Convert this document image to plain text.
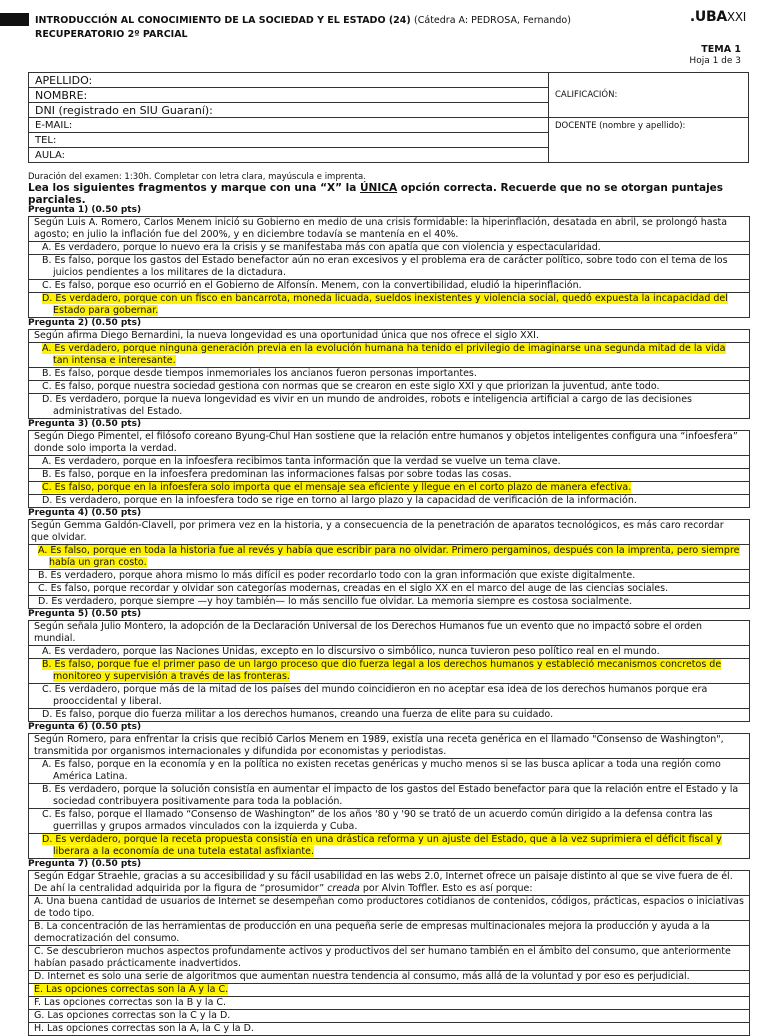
INTRODUCCIÓN AL CONOCIMIENTO DE LA SOCIEDAD Y EL ESTADO (24) (Cátedra A: PEDROSA, Fernando)
RECUPERATORIO 2º PARCIAL
.UBAXXI
TEMA 1
Hoja 1 de 3
APELLIDO:	CALIFICACIÓN:
NOMBRE:	
DNI (registrado en SIU Guaraní):	
E-MAIL:	DOCENTE (nombre y apellido):
TEL:	
AULA:	
Duración del examen: 1:30h. Completar con letra clara, mayúscula e imprenta.
Lea los siguientes fragmentos y marque con una “X” la ÚNICA opción correcta. Recuerde que no se otorgan puntajes parciales.
Pregunta 1) (0.50 pts)
Según Luis A. Romero, Carlos Menem inició su Gobierno en medio de una crisis formidable: la hiperinflación, desatada en abril, se prolongó hasta agosto; en julio la inflación fue del 200%, y en diciembre todavía se mantenía en el 40%.
A. Es verdadero, porque lo nuevo era la crisis y se manifestaba más con apatía que con violencia y espectacularidad.
B. Es falso, porque los gastos del Estado benefactor aún no eran excesivos y el problema era de carácter político, sobre todo con el tema de los juicios pendientes a los militares de la dictadura.
C. Es falso, porque eso ocurrió en el Gobierno de Alfonsín. Menem, con la convertibilidad, eludió la hiperinflación.
D. Es verdadero, porque con un fisco en bancarrota, moneda licuada, sueldos inexistentes y violencia social, quedó expuesta la incapacidad del Estado para gobernar.
Pregunta 2) (0.50 pts)
Según afirma Diego Bernardini, la nueva longevidad es una oportunidad única que nos ofrece el siglo XXI.
A. Es verdadero, porque ninguna generación previa en la evolución humana ha tenido el privilegio de imaginarse una segunda mitad de la vida tan intensa e interesante.
B. Es falso, porque desde tiempos inmemoriales los ancianos fueron personas importantes.
C. Es falso, porque nuestra sociedad gestiona con normas que se crearon en este siglo XXI y que priorizan la juventud, ante todo.
D. Es verdadero, porque la nueva longevidad es vivir en un mundo de androides, robots e inteligencia artificial a cargo de las decisiones administrativas del Estado.
Pregunta 3) (0.50 pts)
Según Diego Pimentel, el filósofo coreano Byung-Chul Han sostiene que la relación entre humanos y objetos inteligentes configura una “infoesfera” donde solo importa la verdad.
A. Es verdadero, porque en la infoesfera recibimos tanta información que la verdad se vuelve un tema clave.
B. Es falso, porque en la infoesfera predominan las informaciones falsas por sobre todas las cosas.
C. Es falso, porque en la infoesfera solo importa que el mensaje sea eficiente y llegue en el corto plazo de manera efectiva.
D. Es verdadero, porque en la infoesfera todo se rige en torno al largo plazo y la capacidad de verificación de la información.
Pregunta 4) (0.50 pts)
Según Gemma Galdón-Clavell, por primera vez en la historia, y a consecuencia de la penetración de aparatos tecnológicos, es más caro recordar que olvidar.
A. Es falso, porque en toda la historia fue al revés y había que escribir para no olvidar. Primero pergaminos, después con la imprenta, pero siempre había un gran costo.
B. Es verdadero, porque ahora mismo lo más difícil es poder recordarlo todo con la gran información que existe digitalmente.
C. Es falso, porque recordar y olvidar son categorías modernas, creadas en el siglo XX en el marco del auge de las ciencias sociales.
D. Es verdadero, porque siempre —y hoy también— lo más sencillo fue olvidar. La memoria siempre es costosa socialmente.
Pregunta 5) (0.50 pts)
Según señala Julio Montero, la adopción de la Declaración Universal de los Derechos Humanos fue un evento que no impactó sobre el orden mundial.
A. Es verdadero, porque las Naciones Unidas, excepto en lo discursivo o simbólico, nunca tuvieron peso político real en el mundo.
B. Es falso, porque fue el primer paso de un largo proceso que dio fuerza legal a los derechos humanos y estableció mecanismos concretos de monitoreo y supervisión a través de las fronteras.
C. Es verdadero, porque más de la mitad de los países del mundo coincidieron en no aceptar esa idea de los derechos humanos porque era prooccidental y liberal.
D. Es falso, porque dio fuerza militar a los derechos humanos, creando una fuerza de elite para su cuidado.
Pregunta 6) (0.50 pts)
Según Romero, para enfrentar la crisis que recibió Carlos Menem en 1989, existía una receta genérica en el llamado "Consenso de Washington", transmitida por organismos internacionales y difundida por economistas y periodistas.
A. Es falso, porque en la economía y en la política no existen recetas genéricas y mucho menos si se las busca aplicar a toda una región como América Latina.
B. Es verdadero, porque la solución consistía en aumentar el impacto de los gastos del Estado benefactor para que la relación entre el Estado y la sociedad contribuyera positivamente para toda la población.
C. Es falso, porque el llamado “Consenso de Washington” de los años '80 y '90 se trató de un acuerdo común dirigido a la defensa contra las guerrillas y grupos armados vinculados con la izquierda y Cuba.
D. Es verdadero, porque la receta propuesta consistía en una drástica reforma y un ajuste del Estado, que a la vez suprimiera el déficit fiscal y liberara a la economía de una tutela estatal asfixiante.
Pregunta 7) (0.50 pts)
Según Edgar Straehle, gracias a su accesibilidad y su fácil usabilidad en las webs 2.0, Internet ofrece un paisaje distinto al que se vive fuera de él. De ahí la centralidad adquirida por la figura de “prosumidor” creada por Alvin Toffler. Esto es así porque:
A. Una buena cantidad de usuarios de Internet se desempeñan como productores cotidianos de contenidos, códigos, prácticas, espacios o iniciativas de todo tipo.
B. La concentración de las herramientas de producción en una pequeña serie de empresas multinacionales mejora la producción y ayuda a la democratización del consumo.
C. Se descubrieron muchos aspectos profundamente activos y productivos del ser humano también en el ámbito del consumo, que anteriormente habían pasado prácticamente inadvertidos.
D. Internet es solo una serie de algoritmos que aumentan nuestra tendencia al consumo, más allá de la voluntad y por eso es perjudicial.
E. Las opciones correctas son la A y la C.
F. Las opciones correctas son la B y la C.
G. Las opciones correctas son la C y la D.
H. Las opciones correctas son la A, la C y la D.
